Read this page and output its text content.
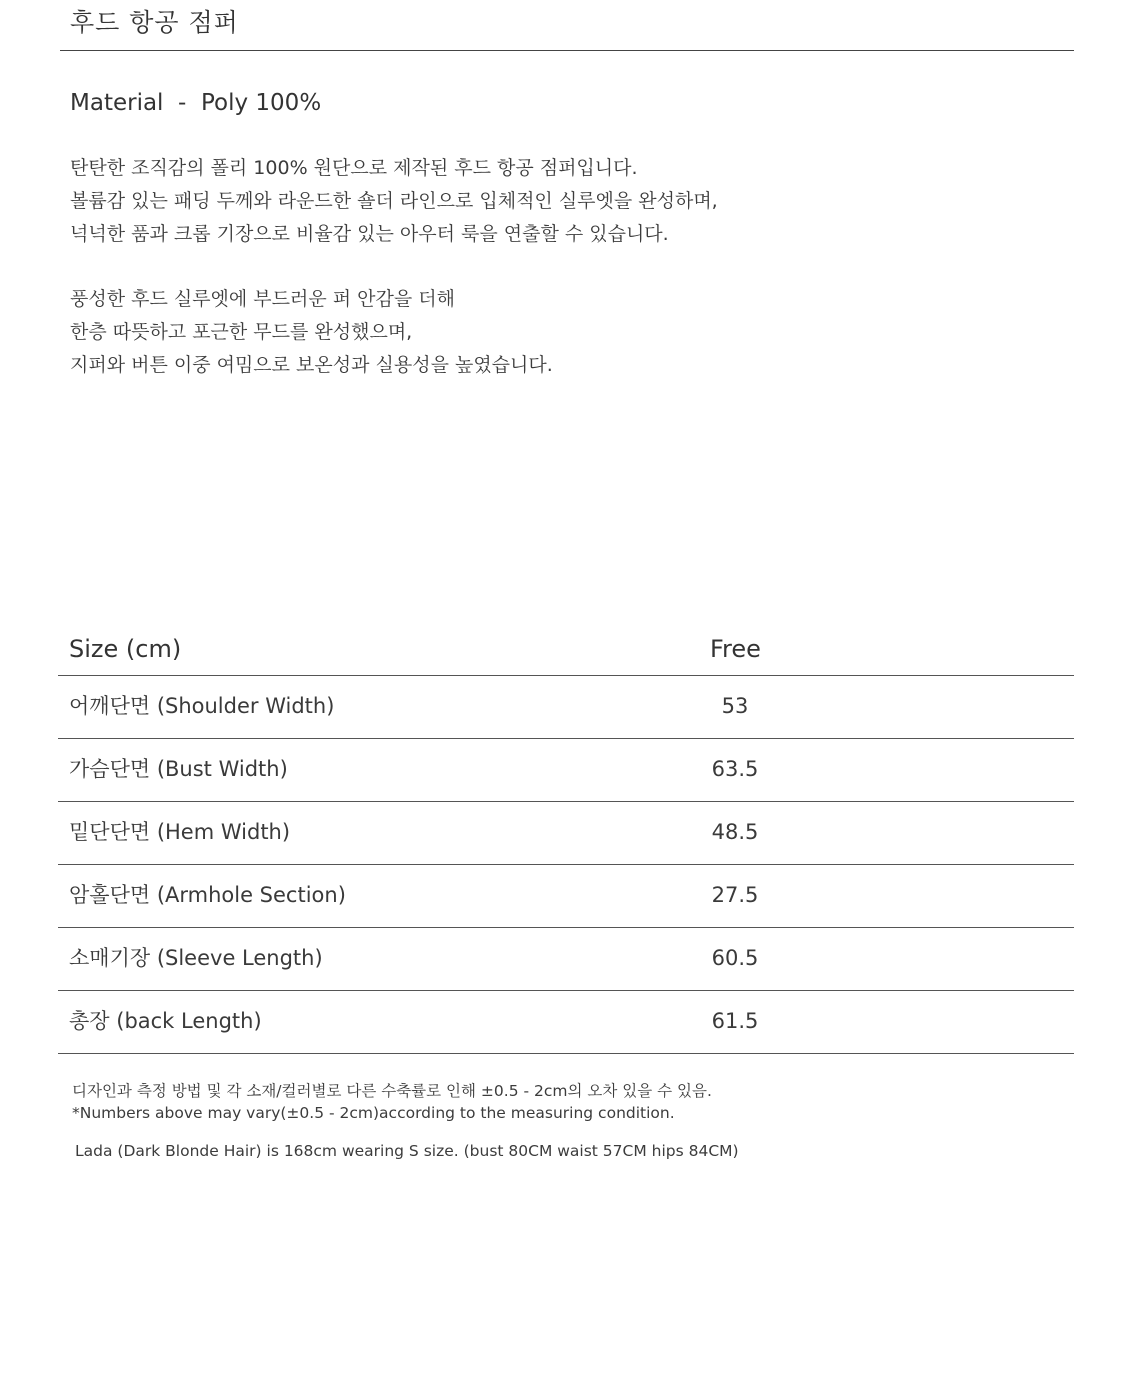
후드 항공 점퍼
Material  -  Poly 100%

탄탄한 조직감의 폴리 100% 원단으로 제작된 후드 항공 점퍼입니다.
볼륨감 있는 패딩 두께와 라운드한 숄더 라인으로 입체적인 실루엣을 완성하며,
넉넉한 품과 크롭 기장으로 비율감 있는 아우터 룩을 연출할 수 있습니다.

풍성한 후드 실루엣에 부드러운 퍼 안감을 더해
한층 따뜻하고 포근한 무드를 완성했으며,
지퍼와 버튼 이중 여밈으로 보온성과 실용성을 높였습니다.

Size (cm)	Free
어깨단면 (Shoulder Width)	53
가슴단면 (Bust Width)	63.5
밑단단면 (Hem Width)	48.5
암홀단면 (Armhole Section)	27.5
소매기장 (Sleeve Length)	60.5
총장 (back Length)	61.5
디자인과 측정 방법 및 각 소재/컬러별로 다른 수축률로 인해 ±0.5 - 2cm의 오차 있을 수 있음.
*Numbers above may vary(±0.5 - 2cm)according to the measuring condition.
Lada (Dark Blonde Hair) is 168cm wearing S size. (bust 80CM waist 57CM hips 84CM)
